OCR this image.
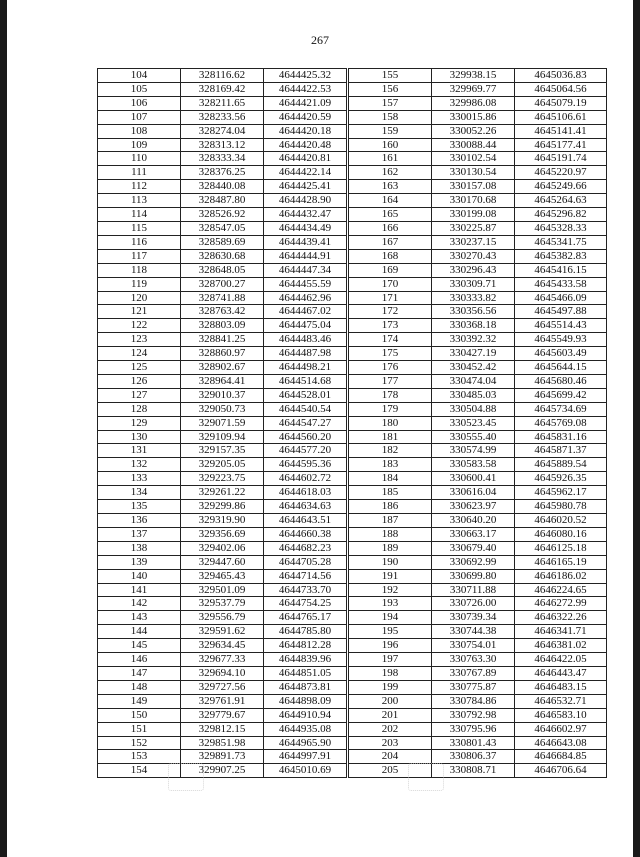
267
104	328116.62	4644425.32
105	328169.42	4644422.53
106	328211.65	4644421.09
107	328233.56	4644420.59
108	328274.04	4644420.18
109	328313.12	4644420.48
110	328333.34	4644420.81
111	328376.25	4644422.14
112	328440.08	4644425.41
113	328487.80	4644428.90
114	328526.92	4644432.47
115	328547.05	4644434.49
116	328589.69	4644439.41
117	328630.68	4644444.91
118	328648.05	4644447.34
119	328700.27	4644455.59
120	328741.88	4644462.96
121	328763.42	4644467.02
122	328803.09	4644475.04
123	328841.25	4644483.46
124	328860.97	4644487.98
125	328902.67	4644498.21
126	328964.41	4644514.68
127	329010.37	4644528.01
128	329050.73	4644540.54
129	329071.59	4644547.27
130	329109.94	4644560.20
131	329157.35	4644577.20
132	329205.05	4644595.36
133	329223.75	4644602.72
134	329261.22	4644618.03
135	329299.86	4644634.63
136	329319.90	4644643.51
137	329356.69	4644660.38
138	329402.06	4644682.23
139	329447.60	4644705.28
140	329465.43	4644714.56
141	329501.09	4644733.70
142	329537.79	4644754.25
143	329556.79	4644765.17
144	329591.62	4644785.80
145	329634.45	4644812.28
146	329677.33	4644839.96
147	329694.10	4644851.05
148	329727.56	4644873.81
149	329761.91	4644898.09
150	329779.67	4644910.94
151	329812.15	4644935.08
152	329851.98	4644965.90
153	329891.73	4644997.91
154	329907.25	4645010.69
155	329938.15	4645036.83
156	329969.77	4645064.56
157	329986.08	4645079.19
158	330015.86	4645106.61
159	330052.26	4645141.41
160	330088.44	4645177.41
161	330102.54	4645191.74
162	330130.54	4645220.97
163	330157.08	4645249.66
164	330170.68	4645264.63
165	330199.08	4645296.82
166	330225.87	4645328.33
167	330237.15	4645341.75
168	330270.43	4645382.83
169	330296.43	4645416.15
170	330309.71	4645433.58
171	330333.82	4645466.09
172	330356.56	4645497.88
173	330368.18	4645514.43
174	330392.32	4645549.93
175	330427.19	4645603.49
176	330452.42	4645644.15
177	330474.04	4645680.46
178	330485.03	4645699.42
179	330504.88	4645734.69
180	330523.45	4645769.08
181	330555.40	4645831.16
182	330574.99	4645871.37
183	330583.58	4645889.54
184	330600.41	4645926.35
185	330616.04	4645962.17
186	330623.97	4645980.78
187	330640.20	4646020.52
188	330663.17	4646080.16
189	330679.40	4646125.18
190	330692.99	4646165.19
191	330699.80	4646186.02
192	330711.88	4646224.65
193	330726.00	4646272.99
194	330739.34	4646322.26
195	330744.38	4646341.71
196	330754.01	4646381.02
197	330763.30	4646422.05
198	330767.89	4646443.47
199	330775.87	4646483.15
200	330784.86	4646532.71
201	330792.98	4646583.10
202	330795.96	4646602.97
203	330801.43	4646643.08
204	330806.37	4646684.85
205	330808.71	4646706.64
